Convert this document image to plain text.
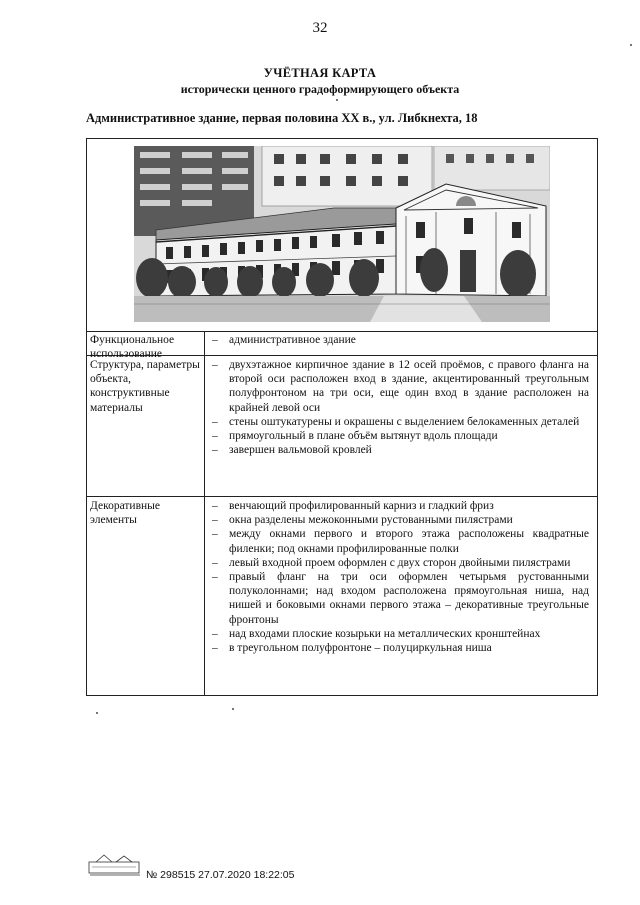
32
УЧЁТНАЯ КАРТА
исторически ценного градоформирующего объекта
Административное здание, первая половина XX в., ул. Либкнехта, 18
Функциональное использование
– административное здание
Структура, параметры объекта, конструктивные материалы
– двухэтажное кирпичное здание в 12 осей проёмов, с правого фланга на второй оси расположен вход в здание, акцентированный треугольным полуфронтоном на три оси, еще один вход в здание расположен на крайней левой оси
– стены оштукатурены и окрашены с выделением белокаменных деталей
– прямоугольный в плане объём вытянут вдоль площади
– завершен вальмовой кровлей
Декоративные элементы
– венчающий профилированный карниз и гладкий фриз
– окна разделены межоконными рустованными пилястрами
– между окнами первого и второго этажа расположены квадратные филенки; под окнами профилированные полки
– левый входной проем оформлен с двух сторон двойными пилястрами
– правый фланг на три оси оформлен четырьмя рустованными полуколоннами; над входом расположена прямоугольная ниша, над нишей и боковыми окнами первого этажа – декоративные треугольные фронтоны
– над входами плоские козырьки на металлических кронштейнах
– в треугольном полуфронтоне – полуциркульная ниша
№ 298515 27.07.2020 18:22:05
